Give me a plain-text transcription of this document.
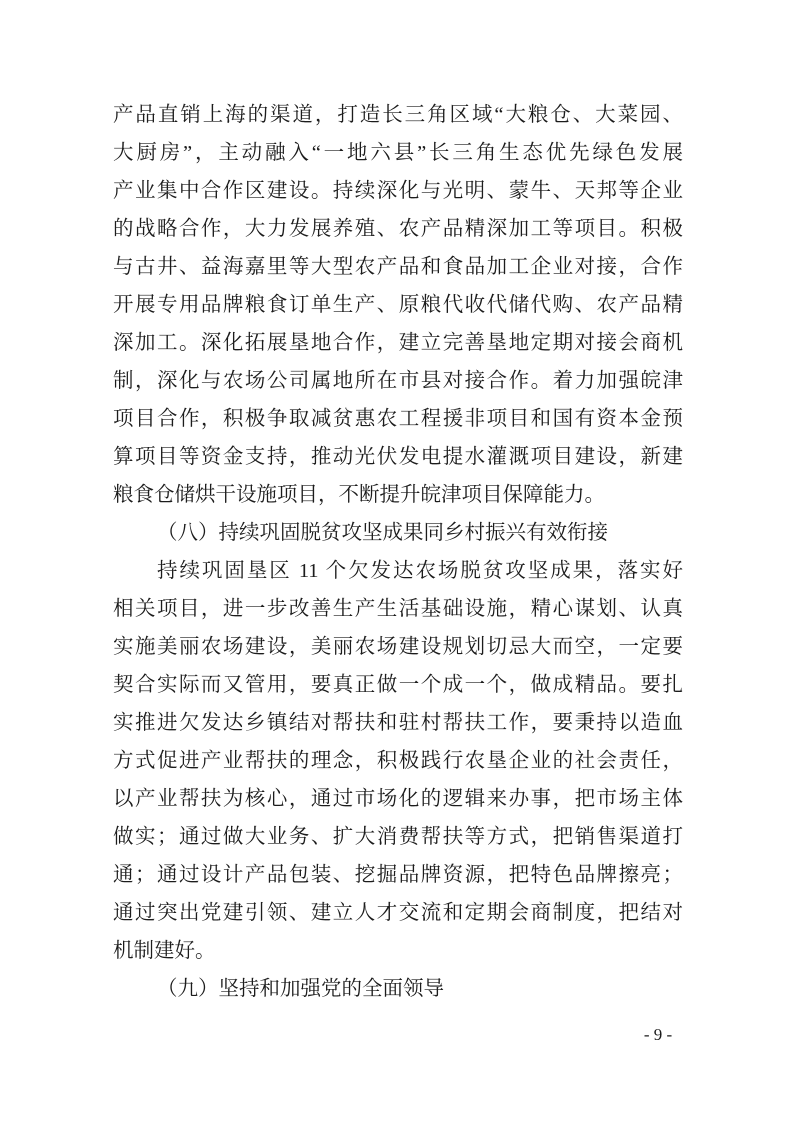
产品直销上海的渠道，打造长三角区域“大粮仓、大菜园、
大厨房”，主动融入“一地六县”长三角生态优先绿色发展
产业集中合作区建设。持续深化与光明、蒙牛、天邦等企业
的战略合作，大力发展养殖、农产品精深加工等项目。积极
与古井、益海嘉里等大型农产品和食品加工企业对接，合作
开展专用品牌粮食订单生产、原粮代收代储代购、农产品精
深加工。深化拓展垦地合作，建立完善垦地定期对接会商机
制，深化与农场公司属地所在市县对接合作。着力加强皖津
项目合作，积极争取减贫惠农工程援非项目和国有资本金预
算项目等资金支持，推动光伏发电提水灌溉项目建设，新建
粮食仓储烘干设施项目，不断提升皖津项目保障能力。
（八）持续巩固脱贫攻坚成果同乡村振兴有效衔接
持续巩固垦区 11 个欠发达农场脱贫攻坚成果，落实好
相关项目，进一步改善生产生活基础设施，精心谋划、认真
实施美丽农场建设，美丽农场建设规划切忌大而空，一定要
契合实际而又管用，要真正做一个成一个，做成精品。要扎
实推进欠发达乡镇结对帮扶和驻村帮扶工作，要秉持以造血
方式促进产业帮扶的理念，积极践行农垦企业的社会责任，
以产业帮扶为核心，通过市场化的逻辑来办事，把市场主体
做实；通过做大业务、扩大消费帮扶等方式，把销售渠道打
通；通过设计产品包装、挖掘品牌资源，把特色品牌擦亮；
通过突出党建引领、建立人才交流和定期会商制度，把结对
机制建好。
（九）坚持和加强党的全面领导
- 9 -
